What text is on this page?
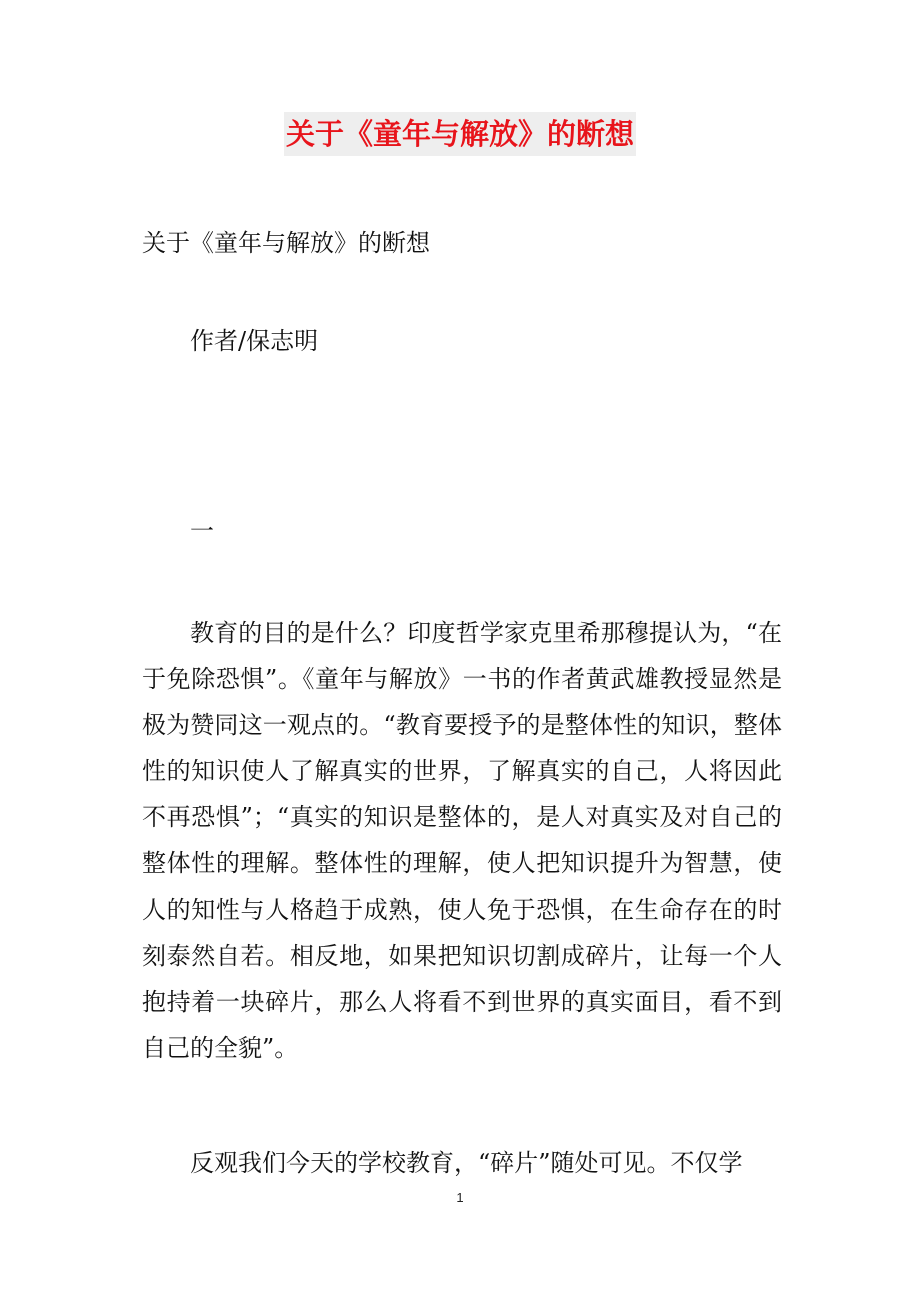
关于《童年与解放》的断想
关于《童年与解放》的断想
作者/保志明
一
教育的目的是什么？印度哲学家克里希那穆提认为，“在于免除恐惧”。《童年与解放》一书的作者黄武雄教授显然是极为赞同这一观点的。“教育要授予的是整体性的知识，整体性的知识使人了解真实的世界，了解真实的自己，人将因此不再恐惧”；“真实的知识是整体的，是人对真实及对自己的整体性的理解。整体性的理解，使人把知识提升为智慧，使人的知性与人格趋于成熟，使人免于恐惧，在生命存在的时刻泰然自若。相反地，如果把知识切割成碎片，让每一个人抱持着一块碎片，那么人将看不到世界的真实面目，看不到自己的全貌”。
反观我们今天的学校教育，“碎片”随处可见。不仅学
1
